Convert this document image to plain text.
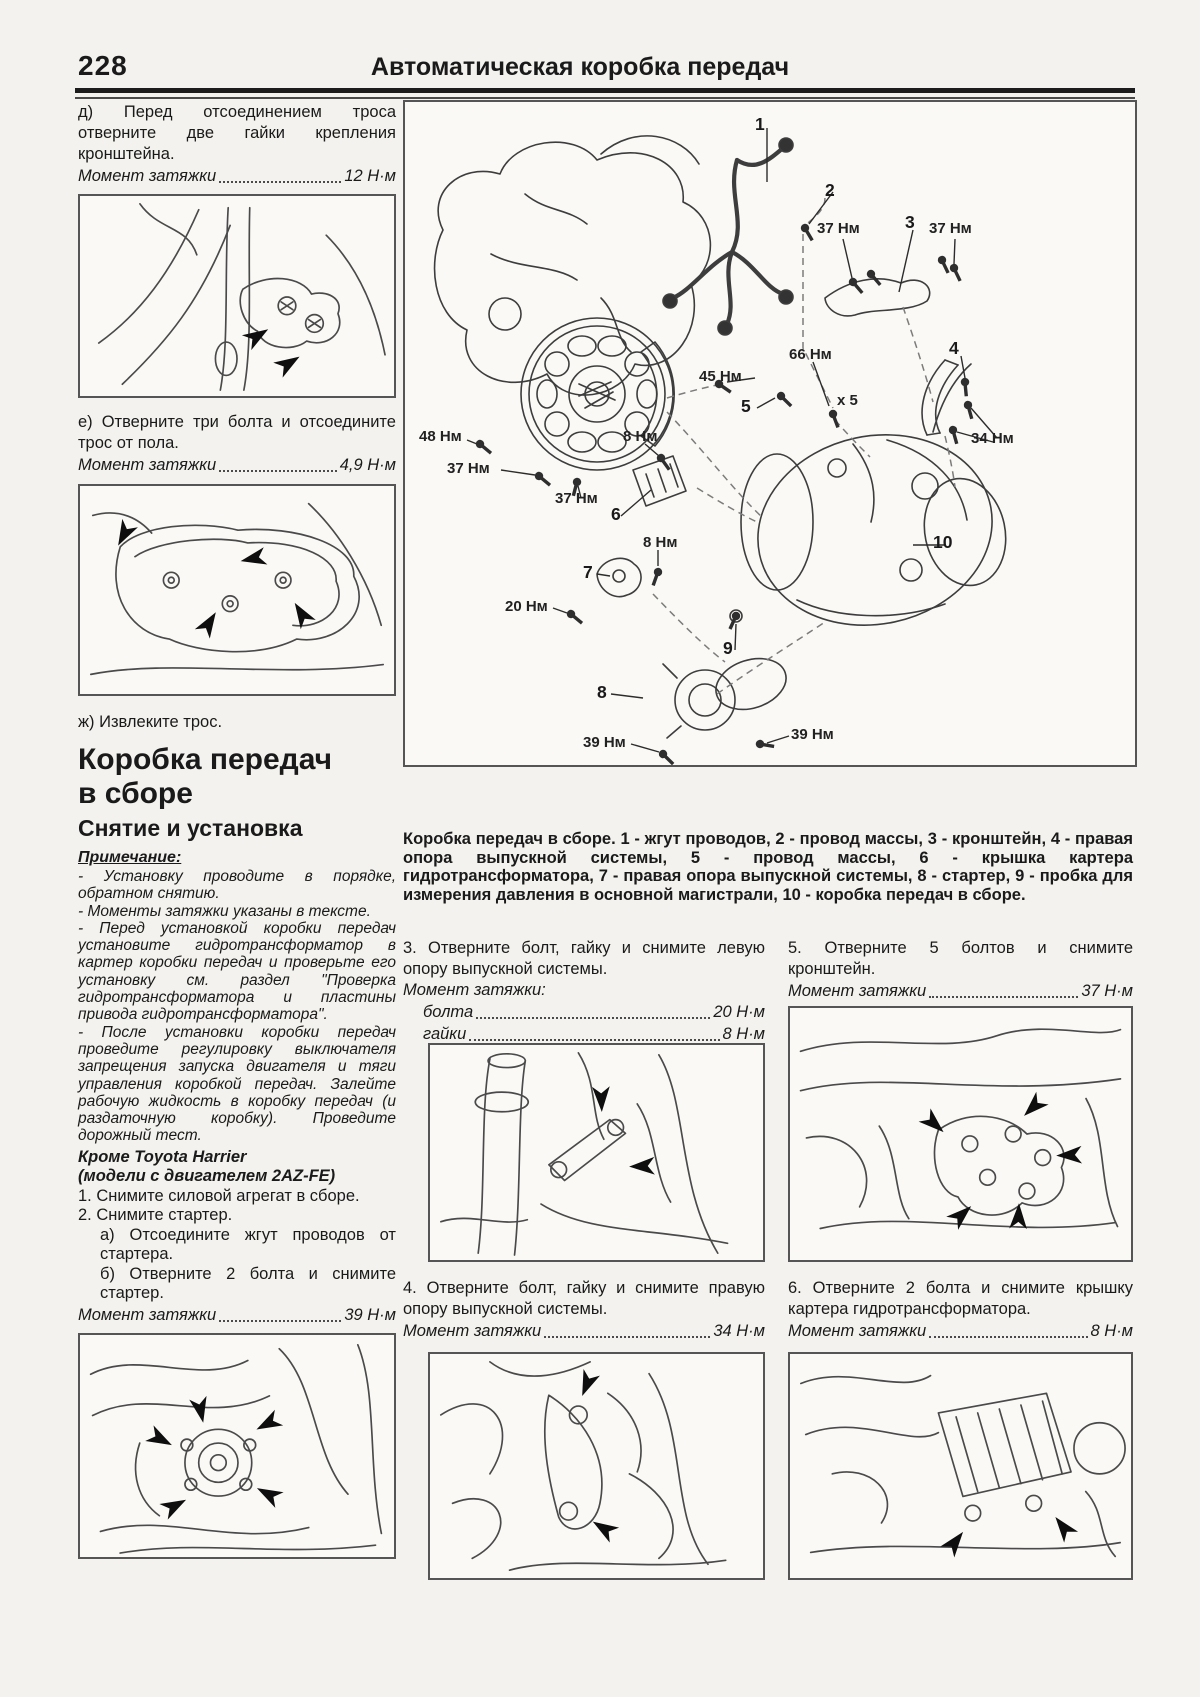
228	Автоматическая коробка передач

д) Перед отсоединением троса отверните две гайки крепления кронштейна.

Момент затяжки	12 Н·м

е) Отверните три болта и отсоедините трос от пола.

Момент затяжки	4,9 Н·м

ж) Извлеките трос.

Коробка передач
в сборе
Снятие и установка
Примечание:

- Установку проводите в порядке, обратном снятию.

- Моменты затяжки указаны в тексте.

- Перед установкой коробки передач установите гидротрансформатор в картер коробки передач и проверьте его установку см. раздел "Проверка гидротрансформатора и пластины привода гидротрансформатора".

- После установки коробки передач проведите регулировку выключателя запрещения запуска двигателя и тяги управления коробкой передач. Залейте рабочую жидкость в коробку передач (и раздаточную коробку). Проведите дорожный тест.

Кроме Toyota Harrier
(модели с двигателем 2AZ-FE)

1. Снимите силовой агрегат в сборе.

2. Снимите стартер.

а) Отсоедините жгут проводов от стартера.

б) Отверните 2 болта и снимите стартер.

Момент затяжки	39 Н·м
1
2
37 Нм	3 37 Нм
66 Нм
х 5
45 Нм
5
4
34 Нм
48 Нм
37 Нм
8 Нм
37 Нм
6
8 Нм
7
20 Нм
9
10
8
39 Нм	39 Нм

Коробка передач в сборе. 1 - жгут проводов, 2 - провод массы, 3 - кронштейн, 4 - правая опора выпускной системы, 5 - провод массы, 6 - крышка картера гидротрансформатора, 7 - правая опора выпускной системы, 8 - стартер, 9 - пробка для измерения давления в основной магистрали, 10 - коробка передач в сборе.

3. Отверните болт, гайку и снимите левую опору выпускной системы.

Момент затяжки:
болта	20 Н·м
гайки	8 Н·м

4. Отверните болт, гайку и снимите правую опору выпускной системы.

Момент затяжки	34 Н·м

5. Отверните 5 болтов и снимите кронштейн.

Момент затяжки	37 Н·м

6. Отверните 2 болта и снимите крышку картера гидротрансформатора.

Момент затяжки	8 Н·м
